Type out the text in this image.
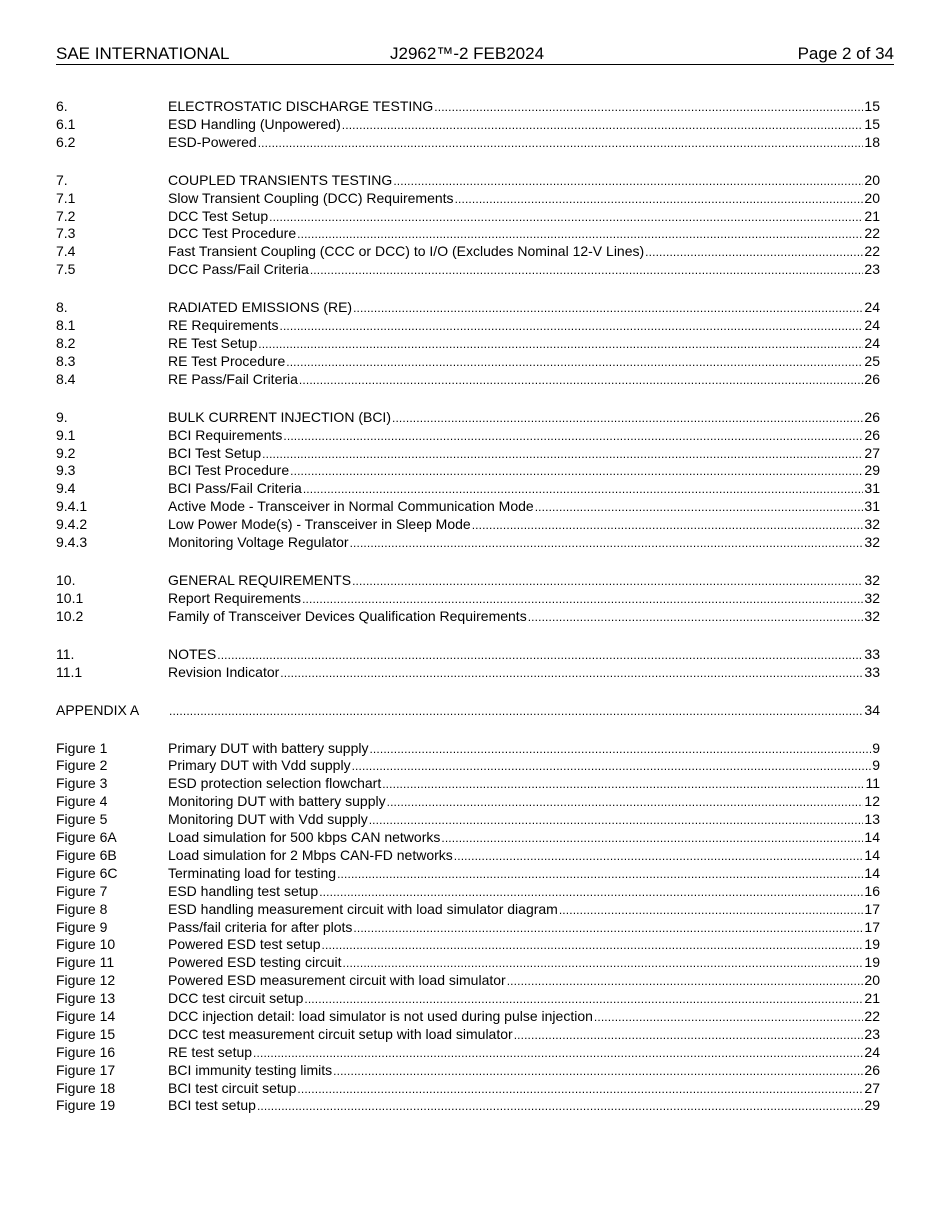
SAE INTERNATIONAL	J2962™-2 FEB2024	Page 2 of 34
6.	ELECTROSTATIC DISCHARGE TESTING . . .	15
6.1	ESD Handling (Unpowered) . . .	15
6.2	ESD-Powered . . .	18
7.	COUPLED TRANSIENTS TESTING . . .	20
7.1	Slow Transient Coupling (DCC) Requirements . . .	20
7.2	DCC Test Setup . . .	21
7.3	DCC Test Procedure . . .	22
7.4	Fast Transient Coupling (CCC or DCC) to I/O (Excludes Nominal 12-V Lines) . . .	22
7.5	DCC Pass/Fail Criteria . . .	23
8.	RADIATED EMISSIONS (RE) . . .	24
8.1	RE Requirements . . .	24
8.2	RE Test Setup . . .	24
8.3	RE Test Procedure . . .	25
8.4	RE Pass/Fail Criteria . . .	26
9.	BULK CURRENT INJECTION (BCI) . . .	26
9.1	BCI Requirements . . .	26
9.2	BCI Test Setup . . .	27
9.3	BCI Test Procedure . . .	29
9.4	BCI Pass/Fail Criteria . . .	31
9.4.1	Active Mode - Transceiver in Normal Communication Mode . . .	31
9.4.2	Low Power Mode(s) - Transceiver in Sleep Mode . . .	32
9.4.3	Monitoring Voltage Regulator . . .	32
10.	GENERAL REQUIREMENTS . . .	32
10.1	Report Requirements . . .	32
10.2	Family of Transceiver Devices Qualification Requirements . . .	32
11.	NOTES . . .	33
11.1	Revision Indicator . . .	33
APPENDIX A . . .	34
Figure 1	Primary DUT with battery supply . . .	9
Figure 2	Primary DUT with Vdd supply . . .	9
Figure 3	ESD protection selection flowchart . . .	11
Figure 4	Monitoring DUT with battery supply . . .	12
Figure 5	Monitoring DUT with Vdd supply . . .	13
Figure 6A	Load simulation for 500 kbps CAN networks . . .	14
Figure 6B	Load simulation for 2 Mbps CAN-FD networks . . .	14
Figure 6C	Terminating load for testing . . .	14
Figure 7	ESD handling test setup . . .	16
Figure 8	ESD handling measurement circuit with load simulator diagram . . .	17
Figure 9	Pass/fail criteria for after plots . . .	17
Figure 10	Powered ESD test setup . . .	19
Figure 11	Powered ESD testing circuit . . .	19
Figure 12	Powered ESD measurement circuit with load simulator . . .	20
Figure 13	DCC test circuit setup . . .	21
Figure 14	DCC injection detail: load simulator is not used during pulse injection . . .	22
Figure 15	DCC test measurement circuit setup with load simulator . . .	23
Figure 16	RE test setup . . .	24
Figure 17	BCI immunity testing limits . . .	26
Figure 18	BCI test circuit setup . . .	27
Figure 19	BCI test setup . . .	29
